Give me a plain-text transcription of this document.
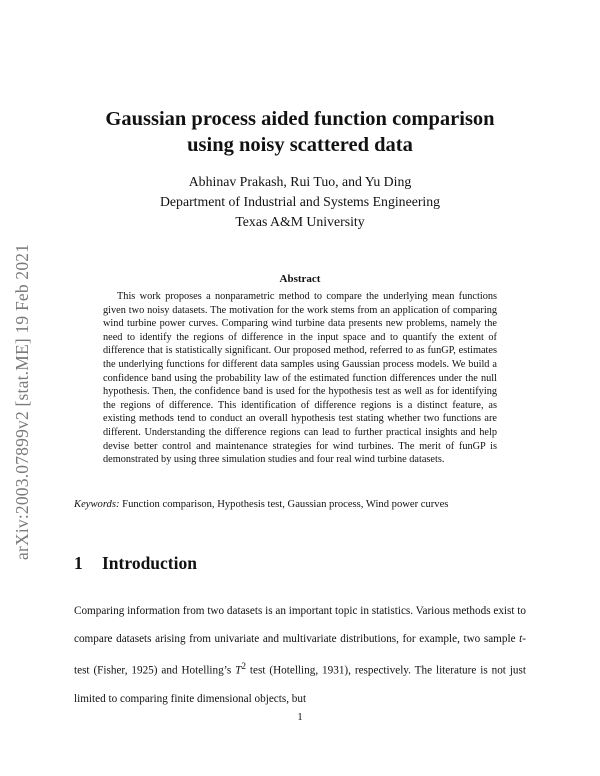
arXiv:2003.07899v2 [stat.ME] 19 Feb 2021
Gaussian process aided function comparison
using noisy scattered data
Abhinav Prakash, Rui Tuo, and Yu Ding
Department of Industrial and Systems Engineering
Texas A&M University
Abstract
This work proposes a nonparametric method to compare the underlying mean functions given two noisy datasets. The motivation for the work stems from an application of comparing wind turbine power curves. Comparing wind turbine data presents new problems, namely the need to identify the regions of difference in the input space and to quantify the extent of difference that is statistically significant. Our proposed method, referred to as funGP, estimates the underlying functions for different data samples using Gaussian process models. We build a confidence band using the probability law of the estimated function differences under the null hypothesis. Then, the confidence band is used for the hypothesis test as well as for identifying the regions of difference. This identification of difference regions is a distinct feature, as existing methods tend to conduct an overall hypothesis test stating whether two functions are different. Understanding the difference regions can lead to further practical insights and help devise better control and maintenance strategies for wind turbines. The merit of funGP is demonstrated by using three simulation studies and four real wind turbine datasets.
Keywords: Function comparison, Hypothesis test, Gaussian process, Wind power curves
1 Introduction
Comparing information from two datasets is an important topic in statistics. Various methods exist to compare datasets arising from univariate and multivariate distributions, for example, two sample t-test (Fisher, 1925) and Hotelling’s $T^2$ test (Hotelling, 1931), respectively. The literature is not just limited to comparing finite dimensional objects, but
1
